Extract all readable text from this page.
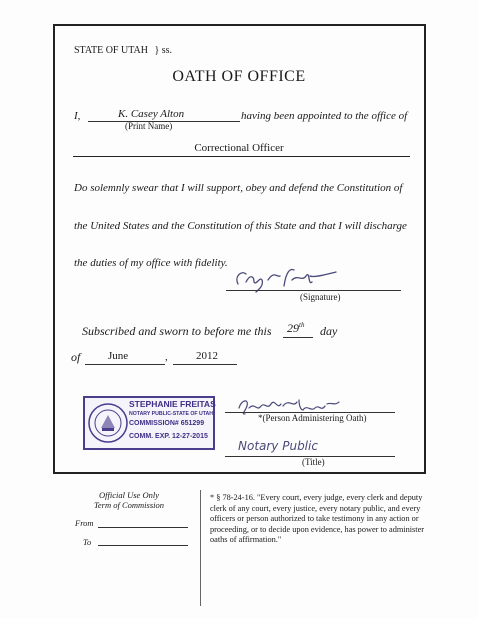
STATE OF UTAH } ss.
OATH OF OFFICE
I,	K. Casey Alton
(Print Name)
having been appointed to the office of
Correctional Officer
Do solemnly swear that I will support, obey and defend the Constitution of
the United States and the Constitution of this State and that I will discharge
the duties of my office with fidelity.
(Signature)
Subscribed and sworn to before me this 29th day
of	June	,	2012
STEPHANIE FREITAS
NOTARY PUBLIC-STATE OF UTAH
COMMISSION# 651299
COMM. EXP. 12-27-2015
*(Person Administering Oath)
Notary Public
(Title)
Official Use Only
Term of Commission
From
To
* § 78-24-16. "Every court, every judge, every clerk and deputy clerk of any court, every justice, every notary public, and every officers or person authorized to take testimony in any action or proceeding, or to decide upon evidence, has power to administer oaths of affirmation."
